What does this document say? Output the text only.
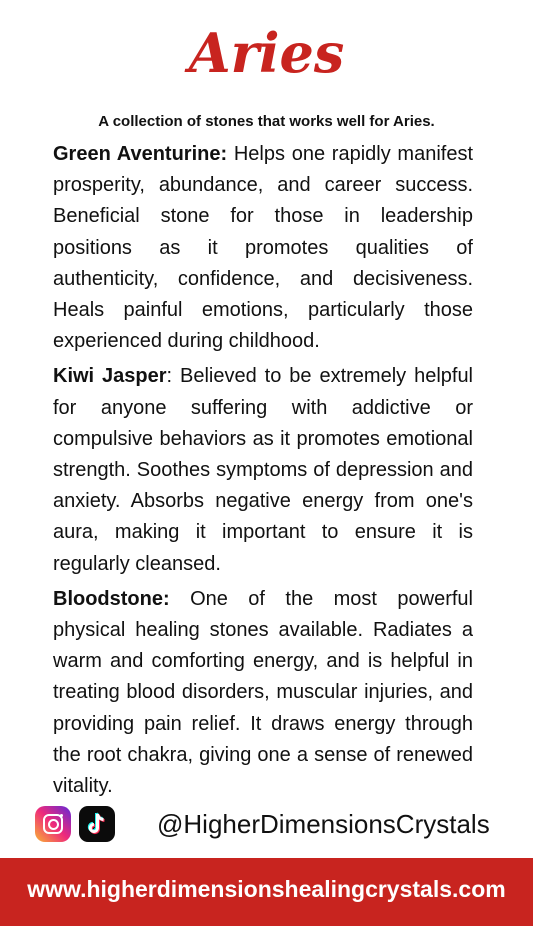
Aries
A collection of stones that works well for Aries.

Green Aventurine: Helps one rapidly manifest prosperity, abundance, and career success. Beneficial stone for those in leadership positions as it promotes qualities of authenticity, confidence, and decisiveness. Heals painful emotions, particularly those experienced during childhood.

Kiwi Jasper: Believed to be extremely helpful for anyone suffering with addictive or compulsive behaviors as it promotes emotional strength. Soothes symptoms of depression and anxiety. Absorbs negative energy from one's aura, making it important to ensure it is regularly cleansed.

Bloodstone: One of the most powerful physical healing stones available. Radiates a warm and comforting energy, and is helpful in treating blood disorders, muscular injuries, and providing pain relief. It draws energy through the root chakra, giving one a sense of renewed vitality.

@HigherDimensionsCrystals
www.higherdimensionshealingcrystals.com
